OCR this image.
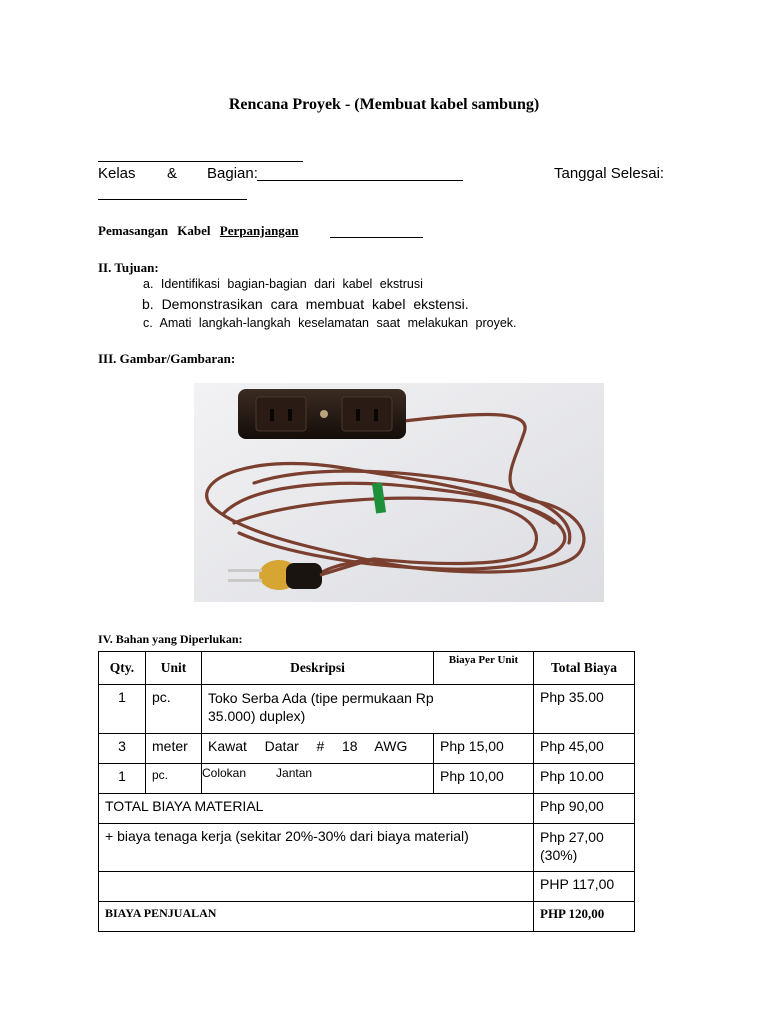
Rencana Proyek - (Membuat kabel sambung)
Kelas & Bagian:	Tanggal Selesai:
Pemasangan Kabel Perpanjangan
II. Tujuan:
a. Identifikasi bagian-bagian dari kabel ekstrusi
b. Demonstrasikan cara membuat kabel ekstensi.
c. Amati langkah-langkah keselamatan saat melakukan proyek.
III. Gambar/Gambaran:
IV. Bahan yang Diperlukan:
Qty.	Unit	Deskripsi	Biaya Per Unit	Total Biaya
1	pc.	Toko Serba Ada (tipe permukaan Rp 35.000) duplex)		Php 35.00
3	meter	Kawat   Datar   #   18   AWG	Php 15,00	Php 45,00
1	pc.	Colokan         Jantan	Php 10,00	Php 10.00
TOTAL BIAYA MATERIAL				Php 90,00
+ biaya tenaga kerja (sekitar 20%-30% dari biaya material)				Php 27,00 (30%)
				PHP 117,00
BIAYA PENJUALAN				PHP 120,00
